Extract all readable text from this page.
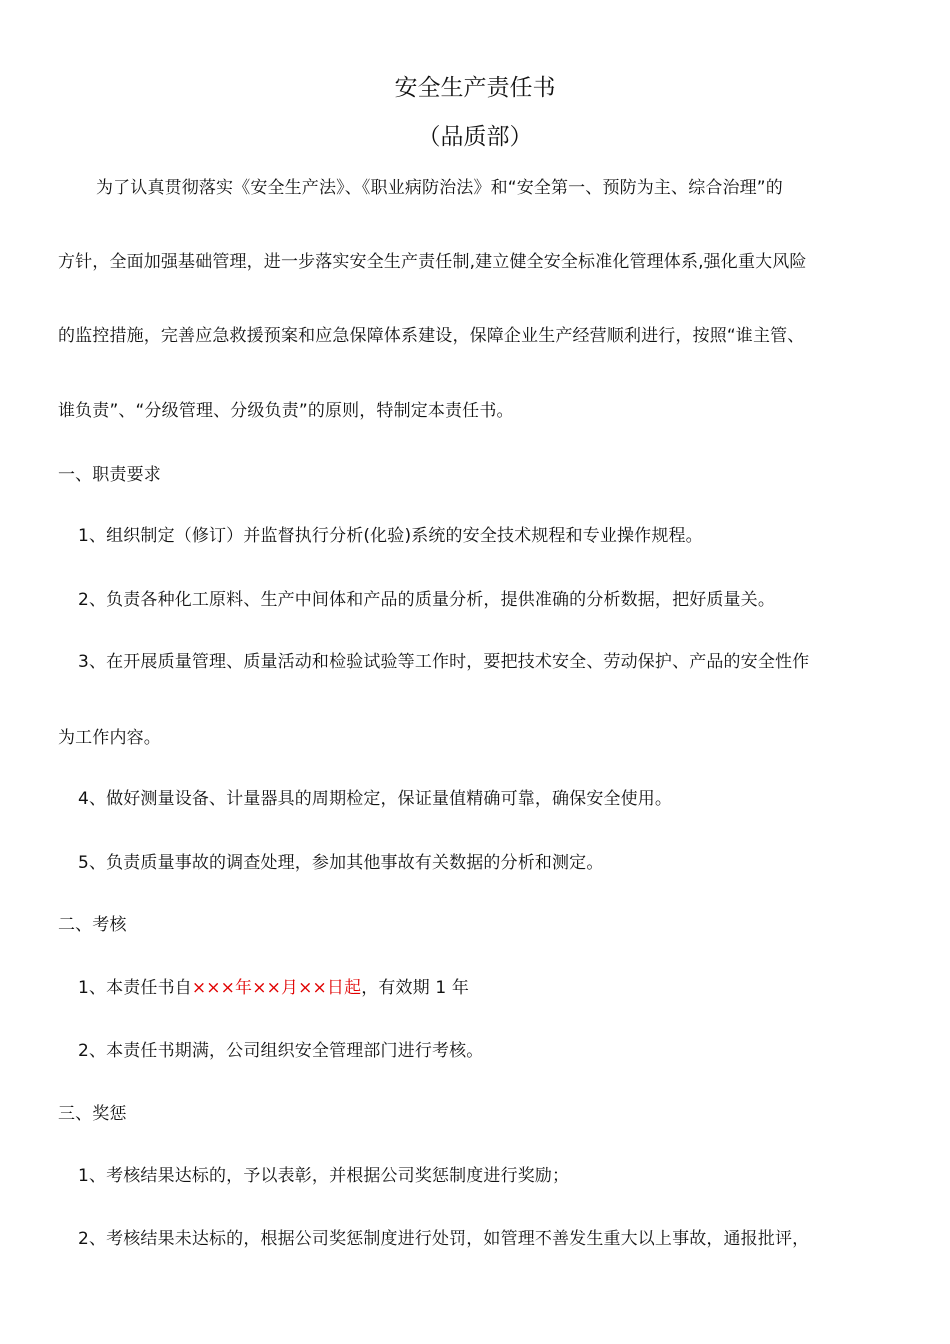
安全生产责任书
（品质部）
为了认真贯彻落实《安全生产法》、《职业病防治法》和“安全第一、预防为主、综合治理”的
方针，全面加强基础管理，进一步落实安全生产责任制,建立健全安全标准化管理体系,强化重大风险
的监控措施，完善应急救援预案和应急保障体系建设，保障企业生产经营顺利进行，按照“谁主管、
谁负责”、“分级管理、分级负责”的原则，特制定本责任书。
一、职责要求
1、组织制定（修订）并监督执行分析(化验)系统的安全技术规程和专业操作规程。
2、负责各种化工原料、生产中间体和产品的质量分析，提供准确的分析数据，把好质量关。
3、在开展质量管理、质量活动和检验试验等工作时，要把技术安全、劳动保护、产品的安全性作
为工作内容。
4、做好测量设备、计量器具的周期检定，保证量值精确可靠，确保安全使用。
5、负责质量事故的调查处理，参加其他事故有关数据的分析和测定。
二、考核
1、本责任书自×××年××月××日起，有效期 1 年
2、本责任书期满，公司组织安全管理部门进行考核。
三、奖惩
1、考核结果达标的，予以表彰，并根据公司奖惩制度进行奖励；
2、考核结果未达标的，根据公司奖惩制度进行处罚，如管理不善发生重大以上事故，通报批评，
